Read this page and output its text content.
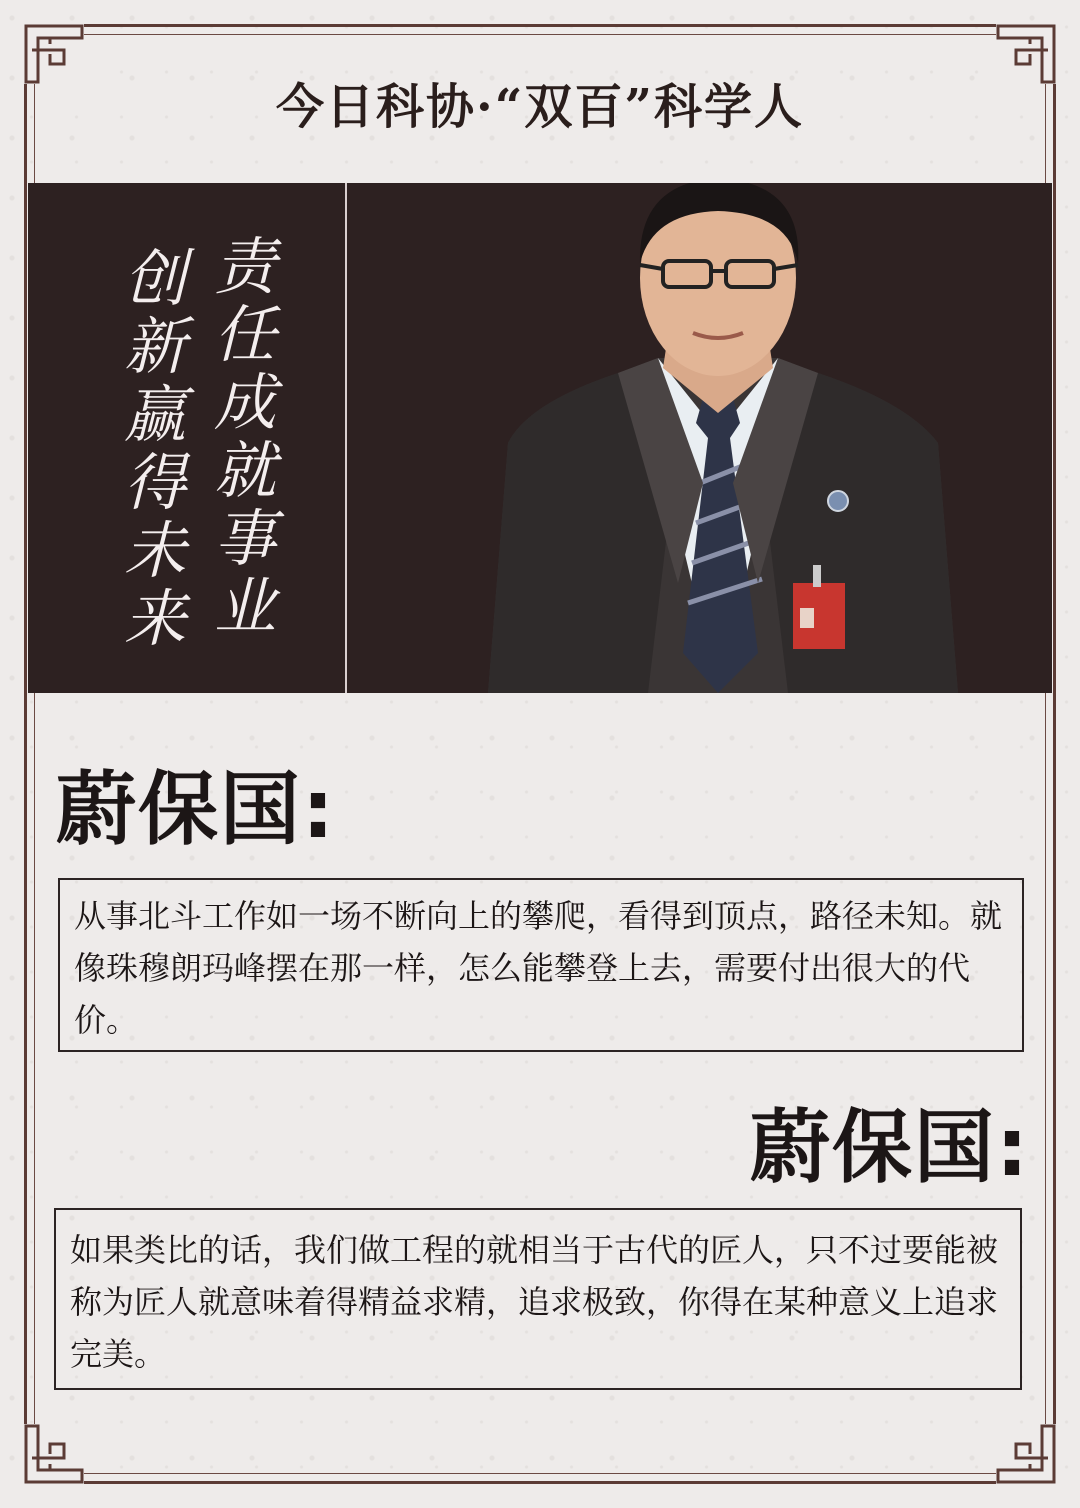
今日科协·“双百”科学人
责
任
成
就
事
业
创
新
赢
得
未
来
蔚保国:
从事北斗工作如一场不断向上的攀爬，看得到顶点，路径未知。就像珠穆朗玛峰摆在那一样，怎么能攀登上去，需要付出很大的代价。
蔚保国:
如果类比的话，我们做工程的就相当于古代的匠人，只不过要能被称为匠人就意味着得精益求精，追求极致，你得在某种意义上追求完美。
